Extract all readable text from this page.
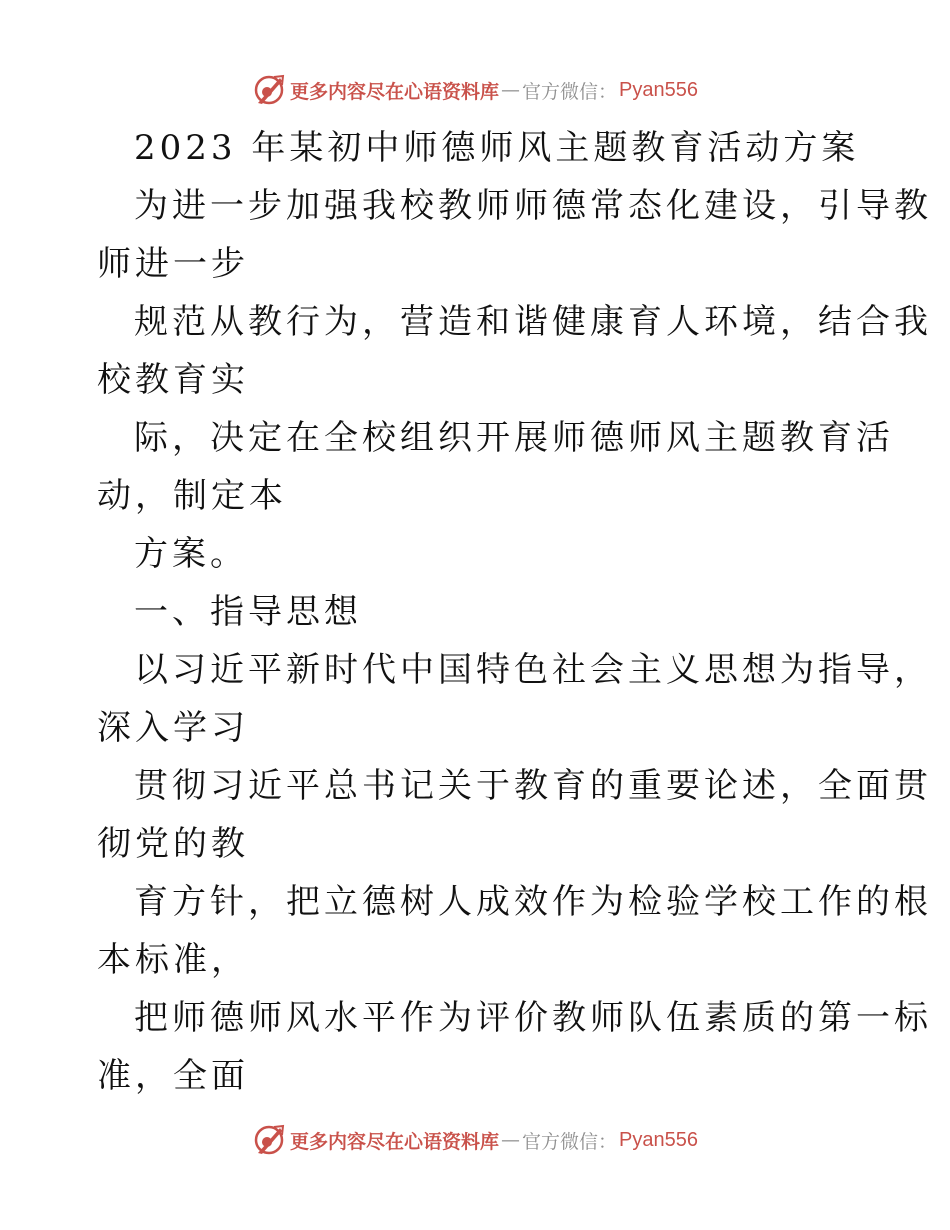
更多内容尽在心语资料库 — 官方微信： Pyan556
2023 年某初中师德师风主题教育活动方案
为进一步加强我校教师师德常态化建设，引导教
师进一步
规范从教行为，营造和谐健康育人环境，结合我
校教育实
际，决定在全校组织开展师德师风主题教育活
动，制定本
方案。
一、指导思想
以习近平新时代中国特色社会主义思想为指导，
深入学习
贯彻习近平总书记关于教育的重要论述，全面贯
彻党的教
育方针，把立德树人成效作为检验学校工作的根
本标准，
把师德师风水平作为评价教师队伍素质的第一标
准，全面
更多内容尽在心语资料库 — 官方微信： Pyan556
